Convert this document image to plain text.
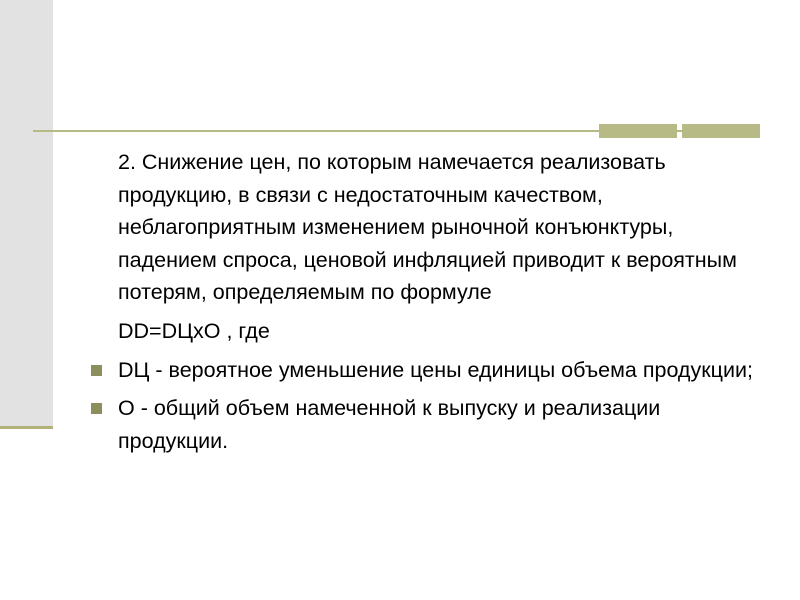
2. Снижение цен, по которым намечается реализовать продукцию, в связи с недостаточным качеством, неблагоприятным изменением рыночной конъюнктуры, падением спроса, ценовой инфляцией приводит к вероятным потерям, определяемым по формуле

DD=DЦxO , где

DЦ - вероятное уменьшение цены единицы объема продукции;
О - общий объем намеченной к выпуску и реализации продукции.
